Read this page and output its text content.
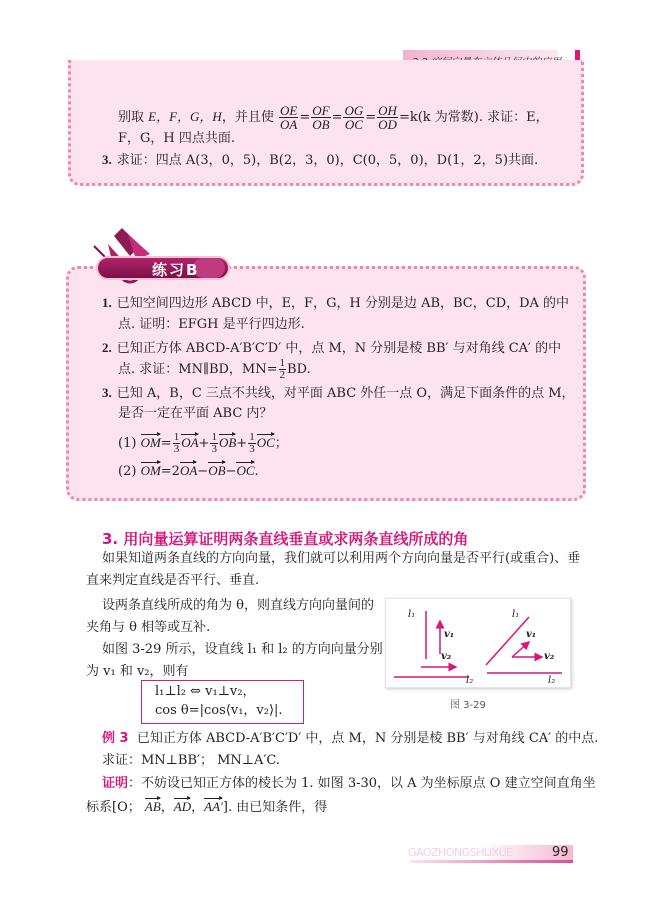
别取 E，F，G，H，并且使 $\frac{OE}{OA} = \frac{OF}{OB} = \frac{OG}{OC} = \frac{OH}{OD} =k(k$ 为常数). 求证：E，
F，G，H 四点共面.
3. 求证：四点 A(3，0，5)，B(2，3，0)，C(0，5，0)，D(1，2，5)共面.
练习B
1. 已知空间四边形 ABCD 中，E，F，G，H 分别是边 AB，BC，CD，DA 的中
点. 证明：EFGH 是平行四边形.
2. 已知正方体 ABCD-A′B′C′D′ 中，点 M，N 分别是棱 BB′ 与对角线 CA′ 的中
点. 求证：MN∥BD，$MN= \frac{1}{2}$ BD.
3. 已知 A，B，C 三点不共线，对平面 ABC 外任一点 O，满足下面条件的点 M，
是否一定在平面 ABC 内？
(1) $OM= \frac{1}{3} OA+ \frac{1}{3} OB+ \frac{1}{3}$ OC；
(2) OM=2OA−OB−OC.
3. 用向量运算证明两条直线垂直或求两条直线所成的角
如果知道两条直线的方向向量，我们就可以利用两个方向向量是否平行(或重合)、垂
直来判定直线是否平行、垂直.
设两条直线所成的角为 θ，则直线方向向量间的
夹角与 θ 相等或互补.
如图 3-29 所示，设直线 l₁ 和 l₂ 的方向向量分别
为 v₁ 和 v₂，则有
l₁⊥l₂ ⇔ v₁⊥v₂，
cos θ=|cos⟨v₁，v₂⟩|.
l₁
v₁
v₂
l₂
l₁
v₁
v₂
l₂
图 3-29
例 3 已知正方体 ABCD-A′B′C′D′ 中，点 M，N 分别是棱 BB′ 与对角线 CA′ 的中点.
求证：MN⊥BB′； MN⊥A′C.
证明：不妨设已知正方体的棱长为 1. 如图 3-30，以 A 为坐标原点 O 建立空间直角坐
标系[O； AB，AD，AA′]. 由已知条件，得
GAOZHONGSHUXUE	99
